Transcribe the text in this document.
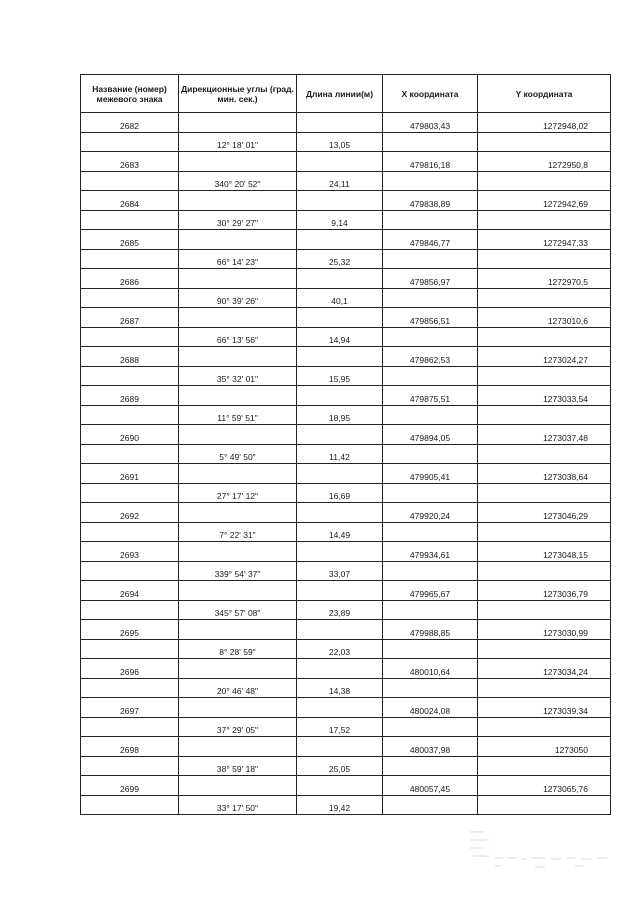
Название (номер) межевого знака	Дирекционные углы (град. мин. сек.)	Длина линии(м)	X координата	Y координата
2682			479803,43	1272948,02
	12° 18' 01"	13,05		
2683			479816,18	1272950,8
	340° 20' 52"	24,11		
2684			479838,89	1272942,69
	30° 29' 27"	9,14		
2685			479846,77	1272947,33
	66° 14' 23"	25,32		
2686			479856,97	1272970,5
	90° 39' 26"	40,1		
2687			479856,51	1273010,6
	66° 13' 56"	14,94		
2688			479862,53	1273024,27
	35° 32' 01"	15,95		
2689			479875,51	1273033,54
	11° 59' 51"	18,95		
2690			479894,05	1273037,48
	5° 49' 50"	11,42		
2691			479905,41	1273038,64
	27° 17' 12"	16,69		
2692			479920,24	1273046,29
	7° 22' 31"	14,49		
2693			479934,61	1273048,15
	339° 54' 37"	33,07		
2694			479965,67	1273036,79
	345° 57' 08"	23,89		
2695			479988,85	1273030,99
	8° 28' 59"	22,03		
2696			480010,64	1273034,24
	20° 46' 48"	14,38		
2697			480024,08	1273039,34
	37° 29' 05"	17,52		
2698			480037,98	1273050
	38° 59' 18"	25,05		
2699			480057,45	1273065,76
	33° 17' 50"	19,42		
